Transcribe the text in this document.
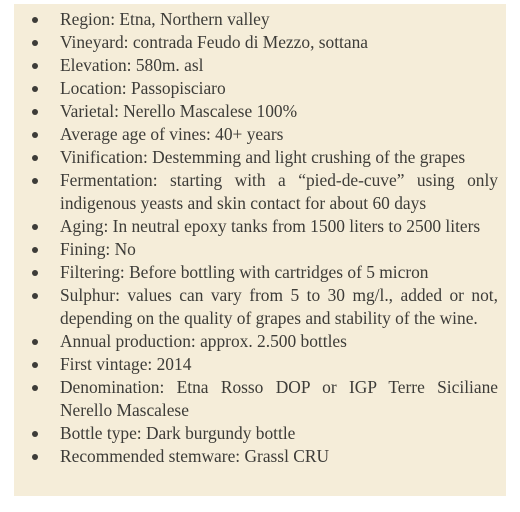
Region: Etna, Northern valley
Vineyard: contrada Feudo di Mezzo, sottana
Elevation: 580m. asl
Location: Passopisciaro
Varietal: Nerello Mascalese 100%
Average age of vines: 40+ years
Vinification: Destemming and light crushing of the grapes
Fermentation: starting with a “pied-de-cuve” using only indigenous yeasts and skin contact for about 60 days
Aging: In neutral epoxy tanks from 1500 liters to 2500 liters
Fining: No
Filtering: Before bottling with cartridges of 5 micron
Sulphur: values can vary from 5 to 30 mg/l., added or not, depending on the quality of grapes and stability of the wine.
Annual production: approx. 2.500 bottles
First vintage: 2014
Denomination: Etna Rosso DOP or IGP Terre Siciliane Nerello Mascalese
Bottle type: Dark burgundy bottle
Recommended stemware: Grassl CRU
